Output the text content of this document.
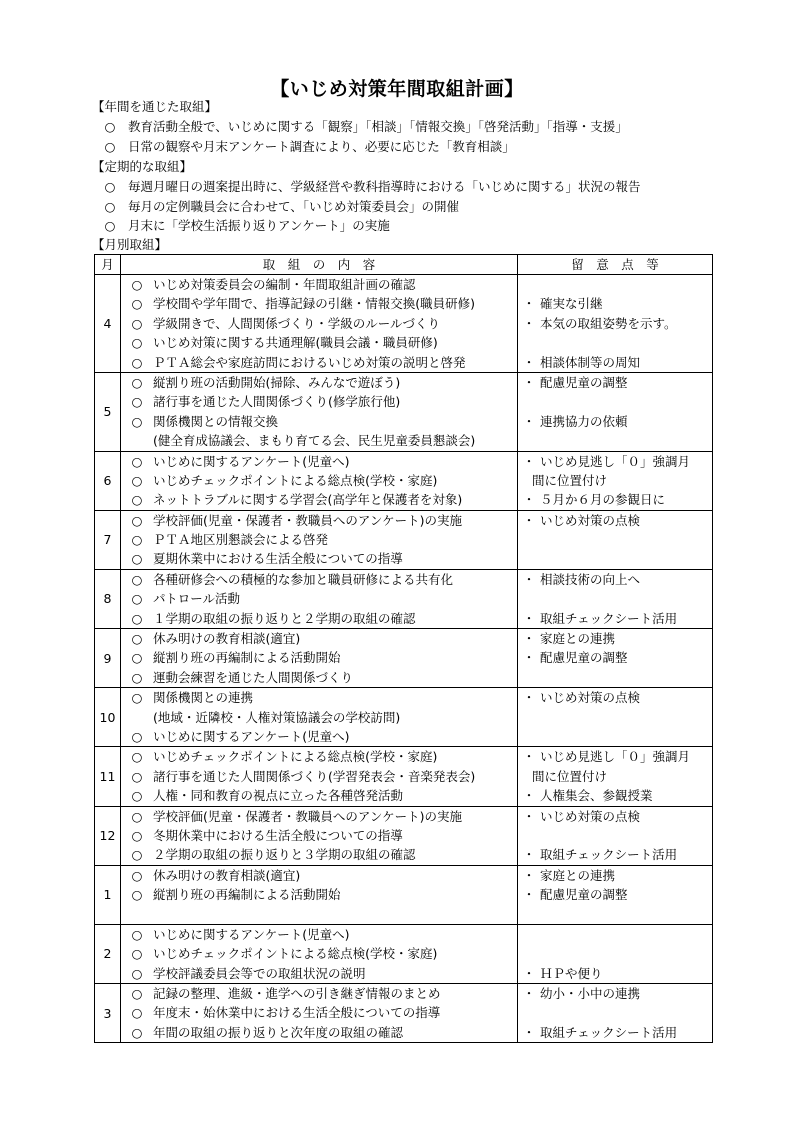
【いじめ対策年間取組計画】
【年間を通じた取組】
○ 教育活動全般で、いじめに関する「観察」「相談」「情報交換」「啓発活動」「指導・支援」
○ 日常の観察や月末アンケート調査により、必要に応じた「教育相談」
【定期的な取組】
○ 毎週月曜日の週案提出時に、学級経営や教科指導時における「いじめに関する」状況の報告
○ 毎月の定例職員会に合わせて、「いじめ対策委員会」の開催
○ 月末に「学校生活振り返りアンケート」の実施
【月別取組】
月	取　組　の　内　容	留　意　点　等
4	○ いじめ対策委員会の編制・年間取組計画の確認
○ 学校間や学年間で、指導記録の引継・情報交換(職員研修)
○ 学級開きで、人間関係づくり・学級のルールづくり
○ いじめ対策に関する共通理解(職員会議・職員研修)
○ ＰＴＡ総会や家庭訪問におけるいじめ対策の説明と啓発	・ 確実な引継
・ 本気の取組姿勢を示す。
・ 相談体制等の周知

5	○ 縦割り班の活動開始(掃除、みんなで遊ぼう)
○ 諸行事を通じた人間関係づくり(修学旅行他)
○ 関係機関との情報交換
(健全育成協議会、まもり育てる会、民生児童委員懇談会)	・ 配慮児童の調整
・ 連携協力の依頼

6	○ いじめに関するアンケート(児童へ)
○ いじめチェックポイントによる総点検(学校・家庭)
○ ネットトラブルに関する学習会(高学年と保護者を対象)	・ いじめ見逃し「０」強調月
間に位置付け
・ ５月か６月の参観日に

7	○ 学校評価(児童・保護者・教職員へのアンケート)の実施
○ ＰＴＡ地区別懇談会による啓発
○ 夏期休業中における生活全般についての指導	・ いじめ対策の点検

8	○ 各種研修会への積極的な参加と職員研修による共有化
○ パトロール活動
○ １学期の取組の振り返りと２学期の取組の確認	・ 相談技術の向上へ
・ 取組チェックシート活用

9	○ 休み明けの教育相談(適宜)
○ 縦割り班の再編制による活動開始
○ 運動会練習を通じた人間関係づくり	・ 家庭との連携
・ 配慮児童の調整

10	○ 関係機関との連携
(地域・近隣校・人権対策協議会の学校訪問)
○ いじめに関するアンケート(児童へ)	・ いじめ対策の点検

11	○ いじめチェックポイントによる総点検(学校・家庭)
○ 諸行事を通じた人間関係づくり(学習発表会・音楽発表会)
○ 人権・同和教育の視点に立った各種啓発活動	・ いじめ見逃し「０」強調月
間に位置付け
・ 人権集会、参観授業

12	○ 学校評価(児童・保護者・教職員へのアンケート)の実施
○ 冬期休業中における生活全般についての指導
○ ２学期の取組の振り返りと３学期の取組の確認	・ いじめ対策の点検
・ 取組チェックシート活用

1	○ 休み明けの教育相談(適宜)
○ 縦割り班の再編制による活動開始	・ 家庭との連携
・ 配慮児童の調整

2	○ いじめに関するアンケート(児童へ)
○ いじめチェックポイントによる総点検(学校・家庭)
○ 学校評議委員会等での取組状況の説明	・ ＨＰや便り

3	○ 記録の整理、進級・進学への引き継ぎ情報のまとめ
○ 年度末・始休業中における生活全般についての指導
○ 年間の取組の振り返りと次年度の取組の確認	・ 幼小・小中の連携
・ 取組チェックシート活用
